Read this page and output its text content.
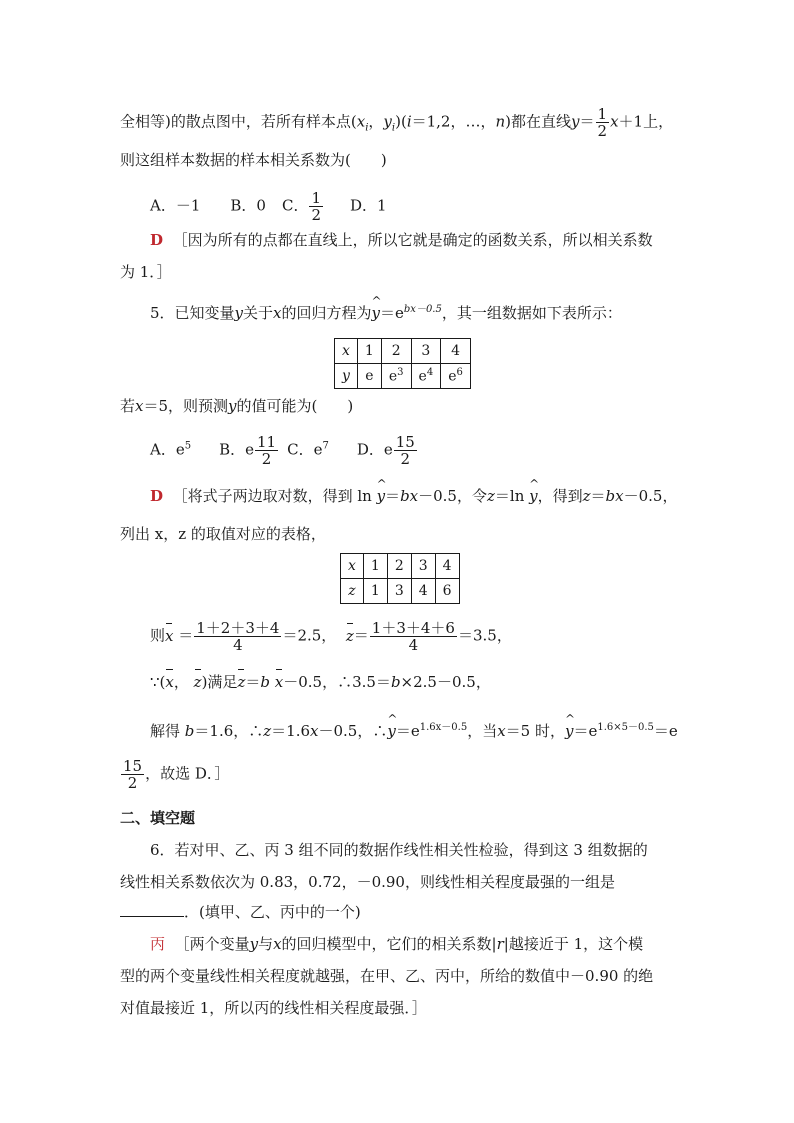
全相等)的散点图中，若所有样本点($x_i$，$y_i)(i=1,2$，…，n)都在直线$y= \frac{1}{2} x+1$上，
则这组样本数据的样本相关系数为(　　)
A．－1 B．0 C． $\frac{1}{2}$ D．1
D ［因为所有的点都在直线上，所以它就是确定的函数关系，所以相关系数
为 1．］
5．已知变量y关于x的回归方程为^ $y=e^{bx-0.5}$，其一组数据如下表所示：
x	1	2	3	4
y	e	$e^3$	$e^4$	$e^6$
若x＝5，则预测y的值可能为(　　)
A．$e^5$ B．e $\frac{11}{2}$ C．$e^7$ D．e $\frac{15}{2}$
D ［将式子两边取对数，得到 ln ^ y＝bx－0.5，令z＝ln ^ y，得到z＝bx－0.5，
列出 x，z 的取值对应的表格，
x	1	2	3	4
z	1	3	4	6
则$x = \frac{1+2+3+4}{4} =2.5$， $z= \frac{1+3+4+6}{4} =3.5$，
∵(x， z)满足z＝b x－0.5，∴3.5＝b×2.5－0.5，
解得 b＝1.6，∴z＝1.6x－0.5，∴^ $y=e^{1.6x-0.5}$，当x＝5 时，^ $y=e^{1.6\times 5-0.5}=e$
$\frac{15}{2}$ ，故选 D．］
二、填空题
6．若对甲、乙、丙 3 组不同的数据作线性相关性检验，得到这 3 组数据的
线性相关系数依次为 0.83，0.72，－0.90，则线性相关程度最强的一组是
．(填甲、乙、丙中的一个)
丙 ［两个变量y与x的回归模型中，它们的相关系数|r|越接近于 1，这个模
型的两个变量线性相关程度就越强，在甲、乙、丙中，所给的数值中－0.90 的绝
对值最接近 1，所以丙的线性相关程度最强．］
